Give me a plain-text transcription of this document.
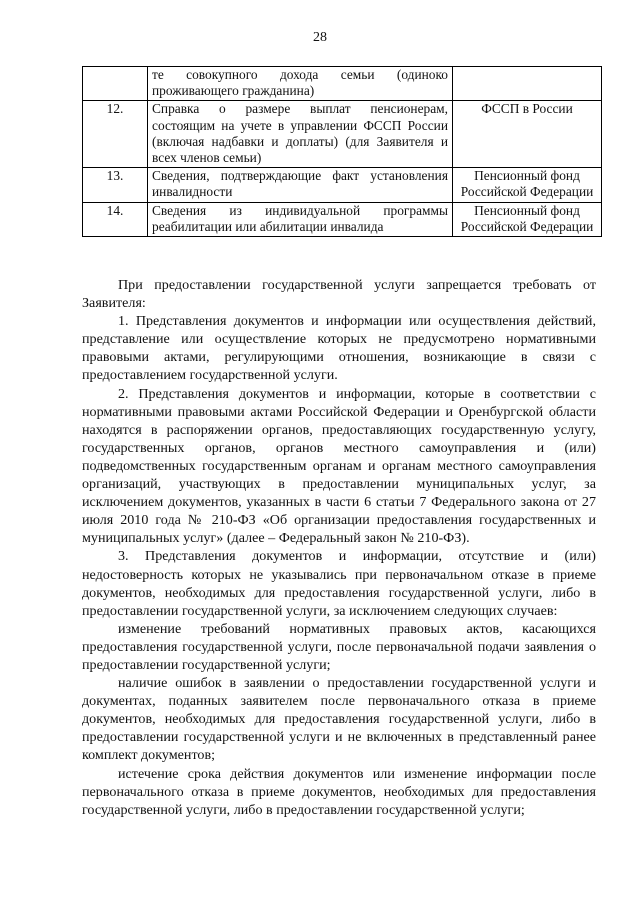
28
	те совокупного дохода семьи (одиноко проживающего гражданина)	
12.	Справка о размере выплат пенсионерам, состоящим на учете в управлении ФССП России (включая надбавки и доплаты) (для Заявителя и всех членов семьи)	ФССП в России
13.	Сведения, подтверждающие факт установления инвалидности	Пенсионный фонд Российской Федерации
14.	Сведения из индивидуальной программы реабилитации или абилитации инвалида	Пенсионный фонд Российской Федерации

При предоставлении государственной услуги запрещается требовать от Заявителя:

1. Представления документов и информации или осуществления действий, представление или осуществление которых не предусмотрено нормативными правовыми актами, регулирующими отношения, возникающие в связи с предоставлением государственной услуги.

2. Представления документов и информации, которые в соответствии с нормативными правовыми актами Российской Федерации и Оренбургской области находятся в распоряжении органов, предоставляющих государственную услугу, государственных органов, органов местного самоуправления и (или) подведомственных государственным органам и органам местного самоуправления организаций, участвующих в предоставлении муниципальных услуг, за исключением документов, указанных в части 6 статьи 7 Федерального закона от 27 июля 2010 года № 210-ФЗ «Об организации предоставления государственных и муниципальных услуг» (далее – Федеральный закон № 210-ФЗ).

3. Представления документов и информации, отсутствие и (или) недостоверность которых не указывались при первоначальном отказе в приеме документов, необходимых для предоставления государственной услуги, либо в предоставлении государственной услуги, за исключением следующих случаев:

изменение требований нормативных правовых актов, касающихся предоставления государственной услуги, после первоначальной подачи заявления о предоставлении государственной услуги;

наличие ошибок в заявлении о предоставлении государственной услуги и документах, поданных заявителем после первоначального отказа в приеме документов, необходимых для предоставления государственной услуги, либо в предоставлении государственной услуги и не включенных в представленный ранее комплект документов;

истечение срока действия документов или изменение информации после первоначального отказа в приеме документов, необходимых для предоставления государственной услуги, либо в предоставлении государственной услуги;
